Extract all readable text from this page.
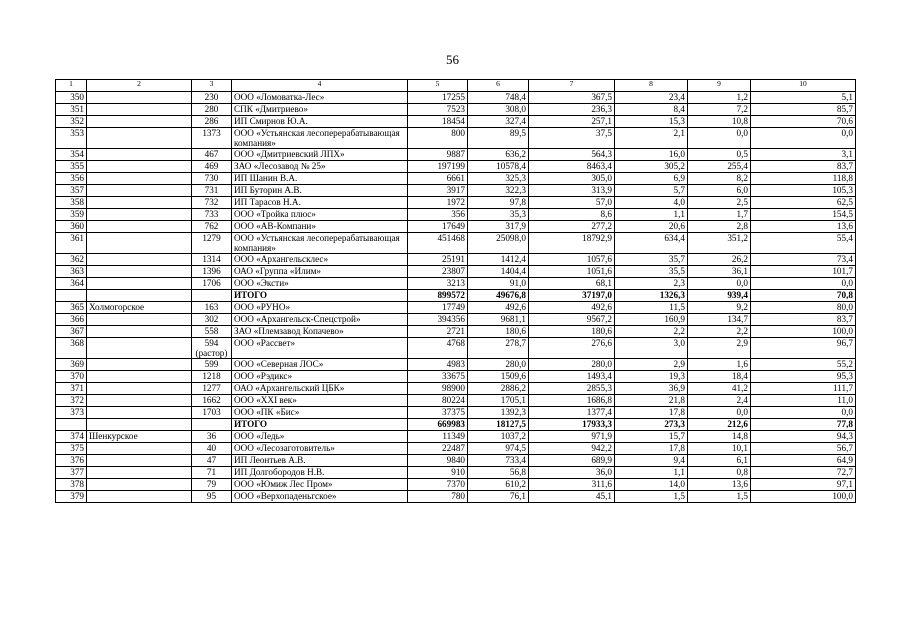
56
1	2	3	4	5	6	7	8	9	10
350		230	ООО «Ломоватка-Лес»	17255	748,4	367,5	23,4	1,2	5,1
351		280	СПК «Дмитриево»	7523	308,0	236,3	8,4	7,2	85,7
352		286	ИП Смирнов Ю.А.	18454	327,4	257,1	15,3	10,8	70,6
353		1373	ООО «Устьянская лесоперерабатывающая компания»	800	89,5	37,5	2,1	0,0	0,0
354		467	ООО «Дмитриевский ЛПХ»	9887	636,2	564,3	16,0	0,5	3,1
355		469	ЗАО «Лесозавод № 25»	197199	10578,4	8463,4	305,2	255,4	83,7
356		730	ИП Шанин В.А.	6661	325,3	305,0	6,9	8,2	118,8
357		731	ИП Буторин А.В.	3917	322,3	313,9	5,7	6,0	105,3
358		732	ИП Тарасов Н.А.	1972	97,8	57,0	4,0	2,5	62,5
359		733	ООО «Тройка плюс»	356	35,3	8,6	1,1	1,7	154,5
360		762	ООО «АВ-Компани»	17649	317,9	277,2	20,6	2,8	13,6
361		1279	ООО «Устьянская лесоперерабатывающая компания»	451468	25098,0	18792,9	634,4	351,2	55,4
362		1314	ООО «Архангельсклес»	25191	1412,4	1057,6	35,7	26,2	73,4
363		1396	ОАО «Группа «Илим»	23807	1404,4	1051,6	35,5	36,1	101,7
364		1706	ООО «Эксти»	3213	91,0	68,1	2,3	0,0	0,0
			ИТОГО	899572	49676,8	37197,0	1326,3	939,4	70,8
365	Холмогорское	163	ООО «РУНО»	17749	492,6	492,6	11,5	9,2	80,0
366		302	ООО «Архангельск-Спецстрой»	394356	9681,1	9567,2	160,9	134,7	83,7
367		558	ЗАО «Племзавод Копачево»	2721	180,6	180,6	2,2	2,2	100,0
368		594 (растор)	ООО «Рассвет»	4768	278,7	276,6	3,0	2,9	96,7
369		599	ООО «Северная ЛОС»	4983	280,0	280,0	2,9	1,6	55,2
370		1218	ООО «Рэдикс»	33675	1509,6	1493,4	19,3	18,4	95,3
371		1277	ОАО «Архангельский ЦБК»	98900	2886,2	2855,3	36,9	41,2	111,7
372		1662	ООО «XXI век»	80224	1705,1	1686,8	21,8	2,4	11,0
373		1703	ООО «ПК «Бис»	37375	1392,3	1377,4	17,8	0,0	0,0
			ИТОГО	669983	18127,5	17933,3	273,3	212,6	77,8
374	Шенкурское	36	ООО «Ледь»	11349	1037,2	971,9	15,7	14,8	94,3
375		40	ООО «Лесозаготовитель»	22487	974,5	942,2	17,8	10,1	56,7
376		47	ИП Леонтьев А.В.	9840	733,4	689,9	9,4	6,1	64,9
377		71	ИП Долгобородов Н.В.	910	56,8	36,0	1,1	0,8	72,7
378		79	ООО «Юмиж Лес Пром»	7370	610,2	311,6	14,0	13,6	97,1
379		95	ООО «Верхопаденьгское»	780	76,1	45,1	1,5	1,5	100,0
